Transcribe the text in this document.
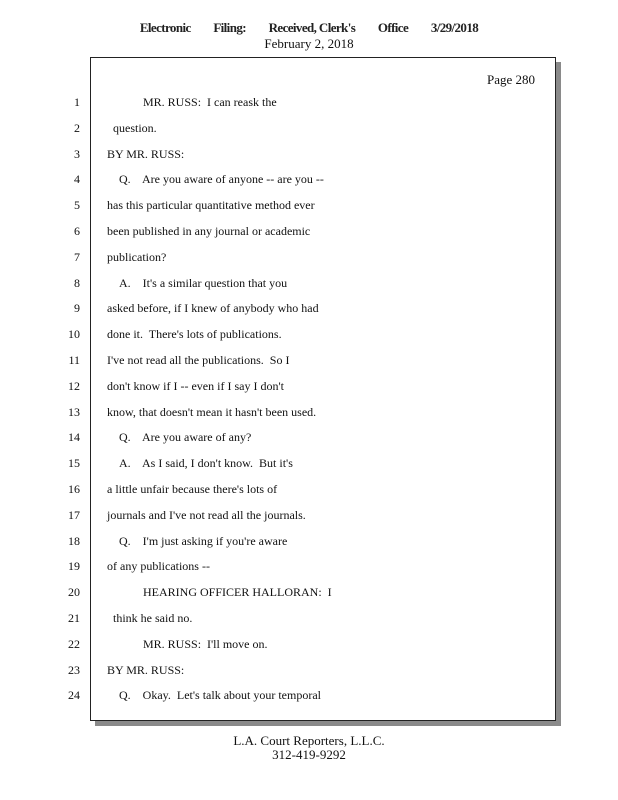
Electronic Filing: Received, Clerk's Office 3/29/2018
February 2, 2018
Page 280
1	MR. RUSS:  I can reask the
2	question.
3 BY MR. RUSS:
4	Q.    Are you aware of anyone -- are you --
5 has this particular quantitative method ever
6 been published in any journal or academic
7 publication?
8	A.    It's a similar question that you
9 asked before, if I knew of anybody who had
10 done it.  There's lots of publications.
11 I've not read all the publications.  So I
12 don't know if I -- even if I say I don't
13 know, that doesn't mean it hasn't been used.
14	Q.    Are you aware of any?
15	A.    As I said, I don't know.  But it's
16 a little unfair because there's lots of
17 journals and I've not read all the journals.
18	Q.    I'm just asking if you're aware
19 of any publications --
20	HEARING OFFICER HALLORAN:  I
21	think he said no.
22	MR. RUSS:  I'll move on.
23 BY MR. RUSS:
24	Q.    Okay.  Let's talk about your temporal
L.A. Court Reporters, L.L.C.
312-419-9292
